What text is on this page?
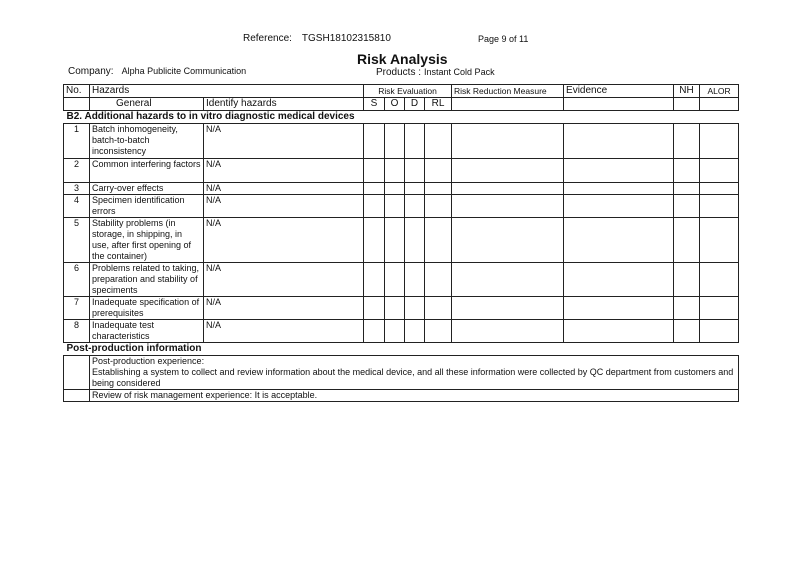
Reference: TGSH18102315810	Page 9 of 11
Risk Analysis
Company: Alpha Publicite Communication	Products : Instant Cold Pack
No.	Hazards		Risk Evaluation				Risk Reduction Measure	Evidence	NH	ALOR
	General	Identify hazards	S	O	D	RL				
B2. Additional hazards to in vitro diagnostic medical devices										
1	Batch inhomogeneity, batch-to-batch inconsistency	N/A								
2	Common interfering factors	N/A								
3	Carry-over effects	N/A								
4	Specimen identification errors	N/A								
5	Stability problems (in storage, in shipping, in use, after first opening of the container)	N/A								
6	Problems related to taking, preparation and stability of speciments	N/A								
7	Inadequate specification of prerequisites	N/A								
8	Inadequate test characteristics	N/A								
Post-production information										

	Post-production experience:
Establishing a system to collect and review information about the medical device, and all these information were collected by QC department from customers and being considered									

	Review of risk management experience: It is acceptable.									
